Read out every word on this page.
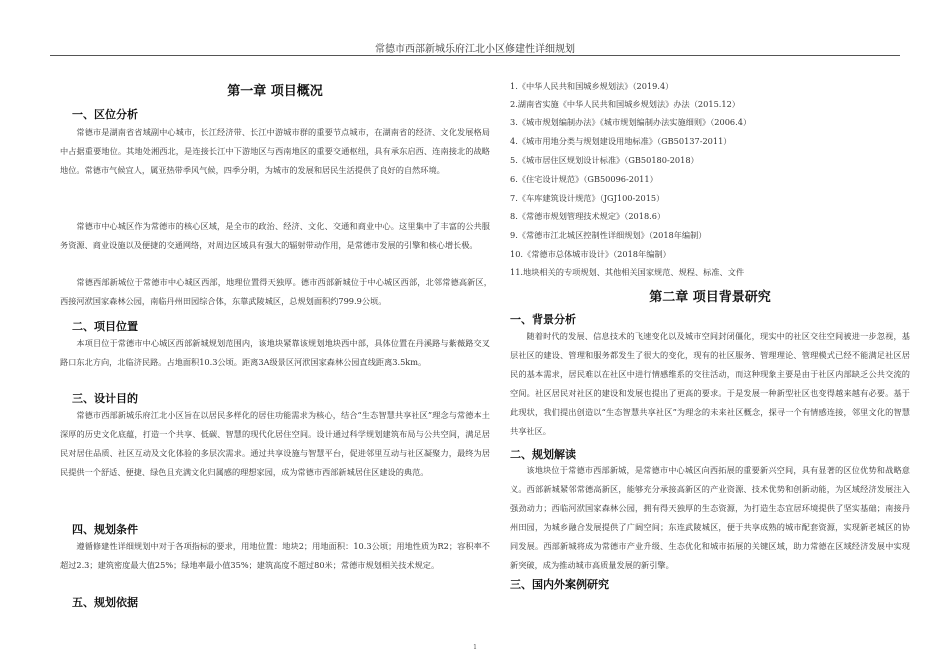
常德市西部新城乐府江北小区修建性详细规划
第一章 项目概况
一、区位分析

常德市是湖南省省域副中心城市，长江经济带、长江中游城市群的重要节点城市，在湖南省的经济、文化发展格局中占据重要地位。其地处湘西北，是连接长江中下游地区与西南地区的重要交通枢纽，具有承东启西、连南接北的战略地位。常德市气候宜人，属亚热带季风气候，四季分明，为城市的发展和居民生活提供了良好的自然环境。

常德市中心城区作为常德市的核心区域，是全市的政治、经济、文化、交通和商业中心。这里集中了丰富的公共服务资源、商业设施以及便捷的交通网络，对周边区域具有强大的辐射带动作用，是常德市发展的引擎和核心增长极。

常德西部新城位于常德市中心城区西部，地理位置得天独厚。德市西部新城位于中心城区西部，北邻常德高新区，西接河洑国家森林公园，南临丹州田园综合体，东靠武陵城区，总规划面积约799.9公顷。

二、项目位置

本项目位于常德市中心城区西部新城规划范围内，该地块紧靠该规划地块西中部，具体位置在丹溪路与紫薇路交叉路口东北方向，北临济民路。占地面积10.3公顷。距离3A级景区河洑国家森林公园直线距离3.5km。

三、设计目的

常德市西部新城乐府江北小区旨在以居民多样化的居住功能需求为核心，结合“生态智慧共享社区”理念与常德本土深厚的历史文化底蕴，打造一个共享、低碳、智慧的现代化居住空间。设计通过科学规划建筑布局与公共空间，满足居民对居住品质、社区互动及文化体验的多层次需求。通过共享设施与智慧平台，促进邻里互动与社区凝聚力，最终为居民提供一个舒适、便捷、绿色且充满文化归属感的理想家园，成为常德市西部新城居住区建设的典范。

四、规划条件

遵循修建性详细规划中对于各项指标的要求，用地位置：地块2；用地面积：10.3公顷；用地性质为R2；容积率不超过2.3；建筑密度最大值25%；绿地率最小值35%；建筑高度不超过80米；常德市规划相关技术规定。

五、规划依据
1.《中华人民共和国城乡规划法》（2019.4）
2.湖南省实施《中华人民共和国城乡规划法》办法（2015.12）
3.《城市规划编制办法》《城市规划编制办法实施细则》（2006.4）
4.《城市用地分类与规划建设用地标准》（GB50137-2011）
5.《城市居住区规划设计标准》（GB50180-2018）
6.《住宅设计规范》（GB50096-2011）
7.《车库建筑设计规范》（JGJ100-2015）
8.《常德市规划管理技术规定》（2018.6）
9.《常德市江北城区控制性详细规划》（2018年编制）
10.《常德市总体城市设计》（2018年编制）
11.地块相关的专项规划、其他相关国家规范、规程、标准、文件
第二章 项目背景研究
一、背景分析

随着时代的发展、信息技术的飞速变化以及城市空间封闭僵化，现实中的社区交往空间被进一步忽视，基层社区的建设、管理和服务都发生了很大的变化，现有的社区服务、管理理论、管理模式已经不能满足社区居民的基本需求，居民难以在社区中进行情感维系的交往活动，而这种现象主要是由于社区内部缺乏公共交流的空间。社区居民对社区的建设和发展也提出了更高的要求。于是发展一种新型社区也变得越来越有必要。基于此现状，我们提出创造以“生态智慧共享社区”为理念的未来社区概念，探寻一个有情感连接，邻里文化的智慧共享社区。

二、规划解读

该地块位于常德市西部新城，是常德市中心城区向西拓展的重要新兴空间，具有显著的区位优势和战略意义。西部新城紧邻常德高新区，能够充分承接高新区的产业资源、技术优势和创新动能，为区域经济发展注入强劲动力；西临河洑国家森林公园，拥有得天独厚的生态资源，为打造生态宜居环境提供了坚实基础；南接丹州田园，为城乡融合发展提供了广阔空间；东连武陵城区，便于共享成熟的城市配套资源，实现新老城区的协同发展。西部新城将成为常德市产业升级、生态优化和城市拓展的关键区域，助力常德在区域经济发展中实现新突破，成为推动城市高质量发展的新引擎。

三、国内外案例研究
1
